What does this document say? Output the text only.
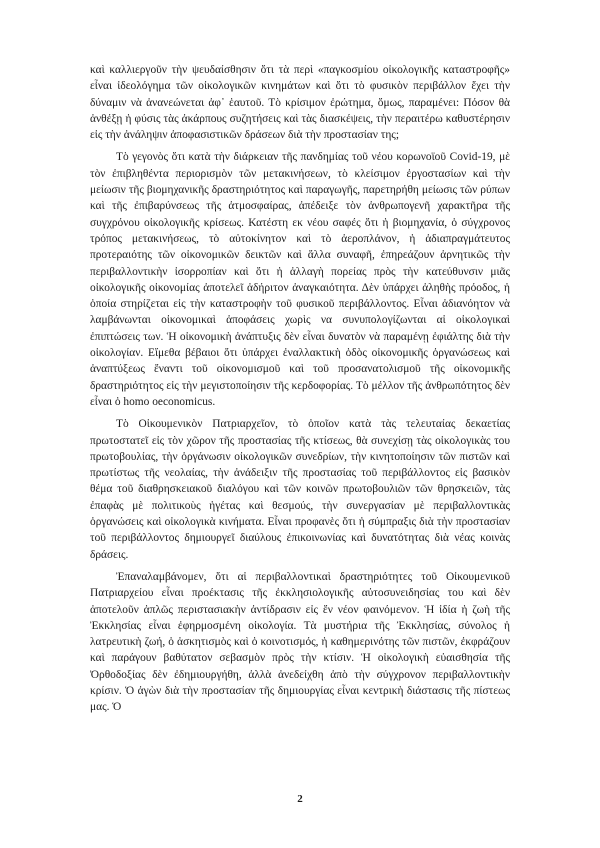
καὶ καλλιεργοῦν τὴν ψευδαίσθησιν ὅτι τὰ περὶ «παγκοσμίου οἰκολογικῆς καταστροφῆς» εἶναι ἰδεολόγημα τῶν οἰκολογικῶν κινημάτων καὶ ὅτι τὸ φυσικὸν περιβάλλον ἔχει τὴν δύναμιν νὰ ἀνανεώνεται ἀφ᾽ ἑαυτοῦ. Τὸ κρίσιμον ἐρώτημα, ὅμως, παραμένει: Πόσον θὰ ἀνθέξῃ ἡ φύσις τὰς ἀκάρπους συζητήσεις καὶ τὰς διασκέψεις, τὴν περαιτέρω καθυστέρησιν εἰς τὴν ἀνάληψιν ἀποφασιστικῶν δράσεων διὰ τὴν προστασίαν της;

Τὸ γεγονὸς ὅτι κατὰ τὴν διάρκειαν τῆς πανδημίας τοῦ νέου κορωνοϊοῦ Covid-19, μὲ τὸν ἐπιβληθέντα περιορισμὸν τῶν μετακινήσεων, τὸ κλείσιμον ἐργοστασίων καὶ τὴν μείωσιν τῆς βιομηχανικῆς δραστηριότητος καὶ παραγωγῆς, παρετηρήθη μείωσις τῶν ρύπων καὶ τῆς ἐπιβαρύνσεως τῆς ἀτμοσφαίρας, ἀπέδειξε τὸν ἀνθρωπογενῆ χαρακτῆρα τῆς συγχρόνου οἰκολογικῆς κρίσεως. Κατέστη εκ νέου σαφές ὅτι ἡ βιομηχανία, ὁ σύγχρονος τρόπος μετακινήσεως, τὸ αὐτοκίνητον καὶ τὸ ἀεροπλάνον, ἡ ἀδιαπραγμάτευτος προτεραιότης τῶν οἰκονομικῶν δεικτῶν καὶ ἄλλα συναφῆ, ἐπηρεάζουν ἀρνητικῶς τὴν περιβαλλοντικὴν ἰσορροπίαν καὶ ὅτι ἡ ἀλλαγὴ πορείας πρὸς τὴν κατεύθυνσιν μιᾶς οἰκολογικῆς οἰκονομίας ἀποτελεῖ ἀδήριτον ἀναγκαιότητα. Δὲν ὑπάρχει ἀληθὴς πρόοδος, ἡ ὁποία στηρίζεται εἰς τὴν καταστροφὴν τοῦ φυσικοῦ περιβάλλοντος. Εἶναι ἀδιανόητον νὰ λαμβάνωνται οἰκονομικαὶ ἀποφάσεις χωρὶς να συνυπολογίζωνται αἱ οἰκολογικαὶ ἐπιπτώσεις των. Ἡ οἰκονομικὴ ἀνάπτυξις δὲν εἶναι δυνατὸν νὰ παραμένῃ ἐφιάλτης διὰ τὴν οἰκολογίαν. Εἴμεθα βέβαιοι ὅτι ὑπάρχει ἐναλλακτικὴ ὁδὸς οἰκονομικῆς ὀργανώσεως καὶ ἀναπτύξεως ἔναντι τοῦ οἰκονομισμοῦ καὶ τοῦ προσανατολισμοῦ τῆς οἰκονομικῆς δραστηριότητος εἰς τὴν μεγιστοποίησιν τῆς κερδοφορίας. Τὸ μέλλον τῆς ἀνθρωπότητος δὲν εἶναι ὁ homo oeconomicus.

Τὸ Οἰκουμενικὸν Πατριαρχεῖον, τὸ ὁποῖον κατὰ τὰς τελευταίας δεκαετίας πρωτοστατεῖ εἰς τὸν χῶρον τῆς προστασίας τῆς κτίσεως, θὰ συνεχίσῃ τὰς οἰκολογικὰς του πρωτοβουλίας, τὴν ὀργάνωσιν οἰκολογικῶν συνεδρίων, τὴν κινητοποίησιν τῶν πιστῶν καὶ πρωτίστως τῆς νεολαίας, τὴν ἀνάδειξιν τῆς προστασίας τοῦ περιβάλλοντος εἰς βασικὸν θέμα τοῦ διαθρησκειακοῦ διαλόγου καὶ τῶν κοινῶν πρωτοβουλιῶν τῶν θρησκειῶν, τὰς ἐπαφὰς μὲ πολιτικοὺς ἡγέτας καὶ θεσμούς, τὴν συνεργασίαν μὲ περιβαλλοντικὰς ὀργανώσεις καὶ οἰκολογικὰ κινήματα. Εἶναι προφανὲς ὅτι ἡ σύμπραξις διὰ τὴν προστασίαν τοῦ περιβάλλοντος δημιουργεῖ διαύλους ἐπικοινωνίας καὶ δυνατότητας διὰ νέας κοινὰς δράσεις.

Ἐπαναλαμβάνομεν, ὅτι αἱ περιβαλλοντικαὶ δραστηριότητες τοῦ Οἰκουμενικοῦ Πατριαρχείου εἶναι προέκτασις τῆς ἐκκλησιολογικῆς αὐτοσυνειδησίας του καὶ δὲν ἀποτελοῦν ἁπλῶς περιστασιακὴν ἀντίδρασιν εἰς ἕν νέον φαινόμενον. Ἡ ἰδία ἡ ζωὴ τῆς Ἐκκλησίας εἶναι ἐφηρμοσμένη οἰκολογία. Τὰ μυστήρια τῆς Ἐκκλησίας, σύνολος ἡ λατρευτικὴ ζωή, ὁ ἀσκητισμὸς καὶ ὁ κοινοτισμός, ἡ καθημερινότης τῶν πιστῶν, ἐκφράζουν καὶ παράγουν βαθύτατον σεβασμὸν πρὸς τὴν κτίσιν. Ἡ οἰκολογικὴ εὐαισθησία τῆς Ὀρθοδοξίας δὲν ἐδημιουργήθη, ἀλλὰ ἀνεδείχθη ἀπὸ τὴν σύγχρονον περιβαλλοντικὴν κρίσιν. Ὁ ἀγὼν διὰ τὴν προστασίαν τῆς δημιουργίας εἶναι κεντρικὴ διάστασις τῆς πίστεως μας. Ὁ

2
